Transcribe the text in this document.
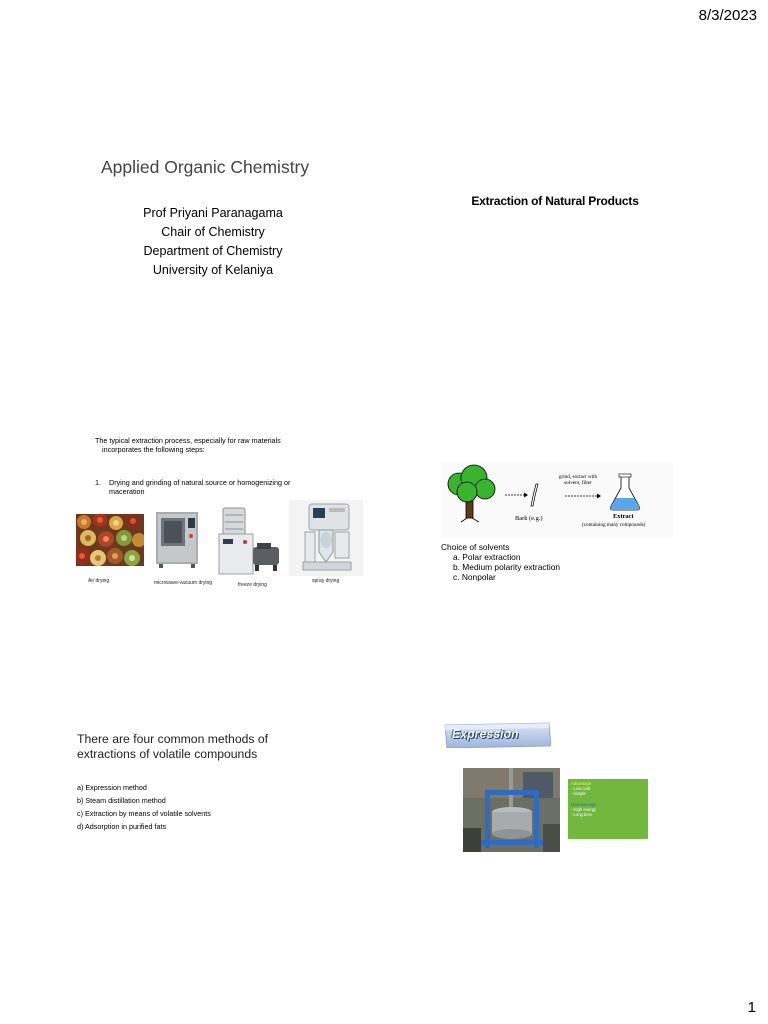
8/3/2023
1
Applied Organic Chemistry
Prof Priyani Paranagama
Chair of Chemistry
Department of Chemistry
University of Kelaniya
Extraction of Natural Products
The typical extraction process, especially for raw materials
incorporates the following steps:
1. Drying and grinding of natural source or homogenizing or
maceration
Air drying	microwave-vacuum drying	freeze drying
spray drying
grind, extract with
solvent, filter
Bark (e.g.)	Extract
(containing many compounds)
Choice of solvents
a. Polar extraction
b. Medium polarity extraction
c. Nonpolar
There are four common methods of
extractions of volatile compounds
a) Expression method
b) Steam distillation method
c) Extraction by means of volatile solvents
d) Adsorption in purified fats
Expression
Advantage
- Low cost
- simple
Disadvantage
- High energy
- Long time
